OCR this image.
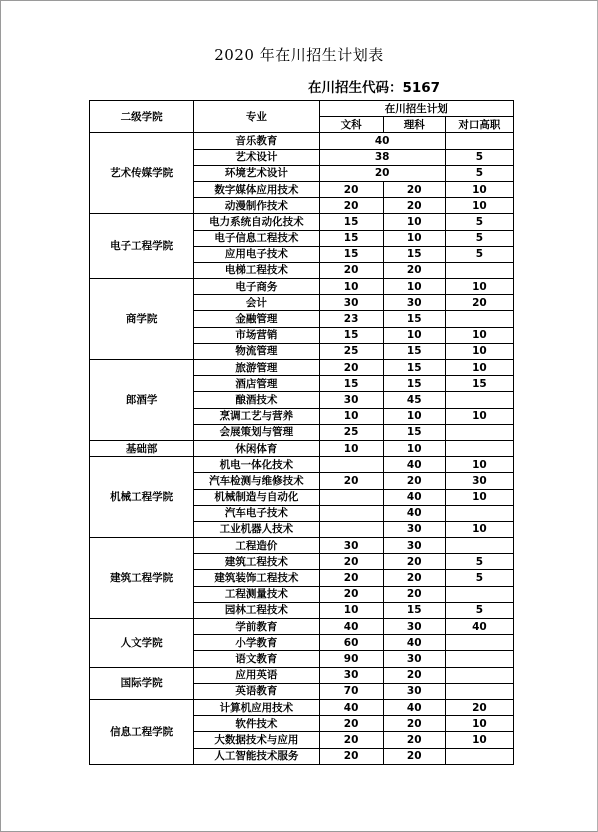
2020 年在川招生计划表
在川招生代码：5167
二级学院	专业	在川招生计划		
		文科	理科	对口高职
艺术传媒学院	音乐教育	40		
	艺术设计	38		5
	环境艺术设计	20		5
	数字媒体应用技术	20	20	10
	动漫制作技术	20	20	10
电子工程学院	电力系统自动化技术	15	10	5
	电子信息工程技术	15	10	5
	应用电子技术	15	15	5
	电梯工程技术	20	20	
商学院	电子商务	10	10	10
	会计	30	30	20
	金融管理	23	15	
	市场营销	15	10	10
	物流管理	25	15	10
郎酒学	旅游管理	20	15	10
	酒店管理	15	15	15
	酿酒技术	30	45	
	烹调工艺与营养	10	10	10
	会展策划与管理	25	15	
基础部	休闲体育	10	10	
机械工程学院	机电一体化技术		40	10
	汽车检测与维修技术	20	20	30
	机械制造与自动化		40	10
	汽车电子技术		40	
	工业机器人技术		30	10
建筑工程学院	工程造价	30	30	
	建筑工程技术	20	20	5
	建筑装饰工程技术	20	20	5
	工程测量技术	20	20	
	园林工程技术	10	15	5
人文学院	学前教育	40	30	40
	小学教育	60	40	
	语文教育	90	30	
国际学院	应用英语	30	20	
	英语教育	70	30	
信息工程学院	计算机应用技术	40	40	20
	软件技术	20	20	10
	大数据技术与应用	20	20	10
	人工智能技术服务	20	20	
